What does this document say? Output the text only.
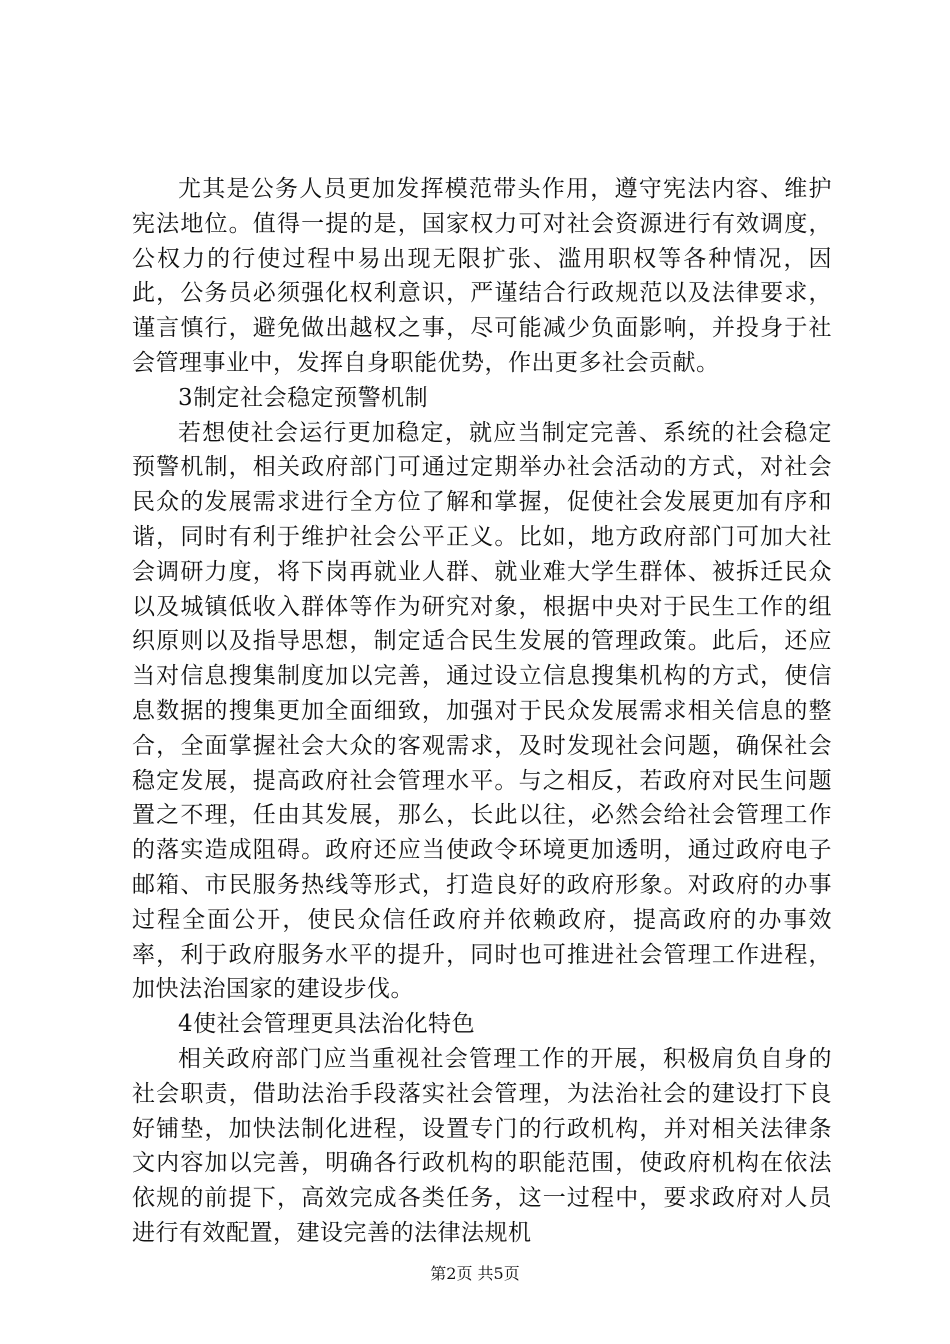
尤其是公务人员更加发挥模范带头作用，遵守宪法内容、维护宪法地位。值得一提的是，国家权力可对社会资源进行有效调度，公权力的行使过程中易出现无限扩张、滥用职权等各种情况，因此，公务员必须强化权利意识，严谨结合行政规范以及法律要求，谨言慎行，避免做出越权之事，尽可能减少负面影响，并投身于社会管理事业中，发挥自身职能优势，作出更多社会贡献。

3制定社会稳定预警机制

若想使社会运行更加稳定，就应当制定完善、系统的社会稳定预警机制，相关政府部门可通过定期举办社会活动的方式，对社会民众的发展需求进行全方位了解和掌握，促使社会发展更加有序和谐，同时有利于维护社会公平正义。比如，地方政府部门可加大社会调研力度，将下岗再就业人群、就业难大学生群体、被拆迁民众以及城镇低收入群体等作为研究对象，根据中央对于民生工作的组织原则以及指导思想，制定适合民生发展的管理政策。此后，还应当对信息搜集制度加以完善，通过设立信息搜集机构的方式，使信息数据的搜集更加全面细致，加强对于民众发展需求相关信息的整合，全面掌握社会大众的客观需求，及时发现社会问题，确保社会稳定发展，提高政府社会管理水平。与之相反，若政府对民生问题置之不理，任由其发展，那么，长此以往，必然会给社会管理工作的落实造成阻碍。政府还应当使政令环境更加透明，通过政府电子邮箱、市民服务热线等形式，打造良好的政府形象。对政府的办事过程全面公开，使民众信任政府并依赖政府，提高政府的办事效率，利于政府服务水平的提升，同时也可推进社会管理工作进程，加快法治国家的建设步伐。

4使社会管理更具法治化特色

相关政府部门应当重视社会管理工作的开展，积极肩负自身的社会职责，借助法治手段落实社会管理，为法治社会的建设打下良好铺垫，加快法制化进程，设置专门的行政机构，并对相关法律条文内容加以完善，明确各行政机构的职能范围，使政府机构在依法依规的前提下，高效完成各类任务，这一过程中，要求政府对人员进行有效配置，建设完善的法律法规机

第2页 共5页
